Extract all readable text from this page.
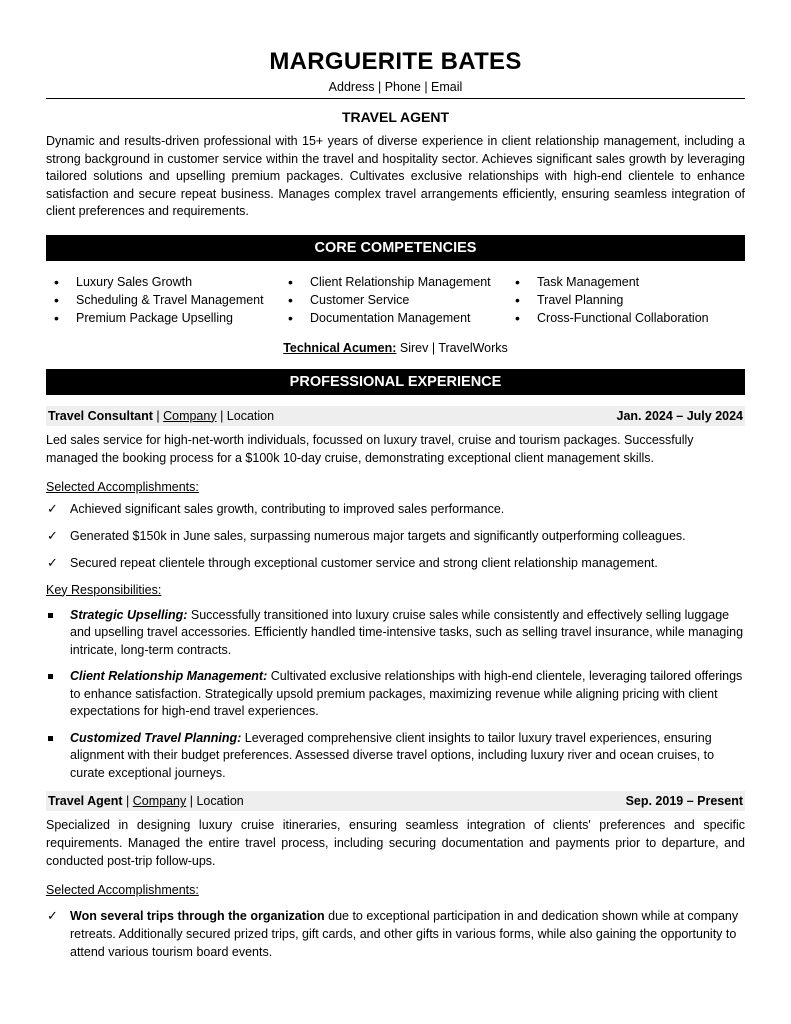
MARGUERITE BATES
Address | Phone | Email
TRAVEL AGENT

Dynamic and results-driven professional with 15+ years of diverse experience in client relationship management, including a strong background in customer service within the travel and hospitality sector. Achieves significant sales growth by leveraging tailored solutions and upselling premium packages. Cultivates exclusive relationships with high-end clientele to enhance satisfaction and secure repeat business. Manages complex travel arrangements efficiently, ensuring seamless integration of client preferences and requirements.

CORE COMPETENCIES
• Luxury Sales Growth
• Scheduling & Travel Management
• Premium Package Upselling
• Client Relationship Management
• Customer Service
• Documentation Management
• Task Management
• Travel Planning
• Cross-Functional Collaboration
Technical Acumen: Sirev | TravelWorks
PROFESSIONAL EXPERIENCE
Travel Consultant | Company | Location	Jan. 2024 – July 2024

Led sales service for high-net-worth individuals, focussed on luxury travel, cruise and tourism packages. Successfully managed the booking process for a $100k 10-day cruise, demonstrating exceptional client management skills.

Selected Accomplishments:
✓ Achieved significant sales growth, contributing to improved sales performance.
✓ Generated $150k in June sales, surpassing numerous major targets and significantly outperforming colleagues.
✓ Secured repeat clientele through exceptional customer service and strong client relationship management.
Key Responsibilities:
Strategic Upselling: Successfully transitioned into luxury cruise sales while consistently and effectively selling luggage and upselling travel accessories. Efficiently handled time-intensive tasks, such as selling travel insurance, while managing intricate, long-term contracts.
Client Relationship Management: Cultivated exclusive relationships with high-end clientele, leveraging tailored offerings to enhance satisfaction. Strategically upsold premium packages, maximizing revenue while aligning pricing with client expectations for high-end travel experiences.
Customized Travel Planning: Leveraged comprehensive client insights to tailor luxury travel experiences, ensuring alignment with their budget preferences. Assessed diverse travel options, including luxury river and ocean cruises, to curate exceptional journeys.
Travel Agent | Company | Location	Sep. 2019 – Present

Specialized in designing luxury cruise itineraries, ensuring seamless integration of clients' preferences and specific requirements. Managed the entire travel process, including securing documentation and payments prior to departure, and conducted post-trip follow-ups.

Selected Accomplishments:
✓ Won several trips through the organization due to exceptional participation in and dedication shown while at company retreats. Additionally secured prized trips, gift cards, and other gifts in various forms, while also gaining the opportunity to attend various tourism board events.
